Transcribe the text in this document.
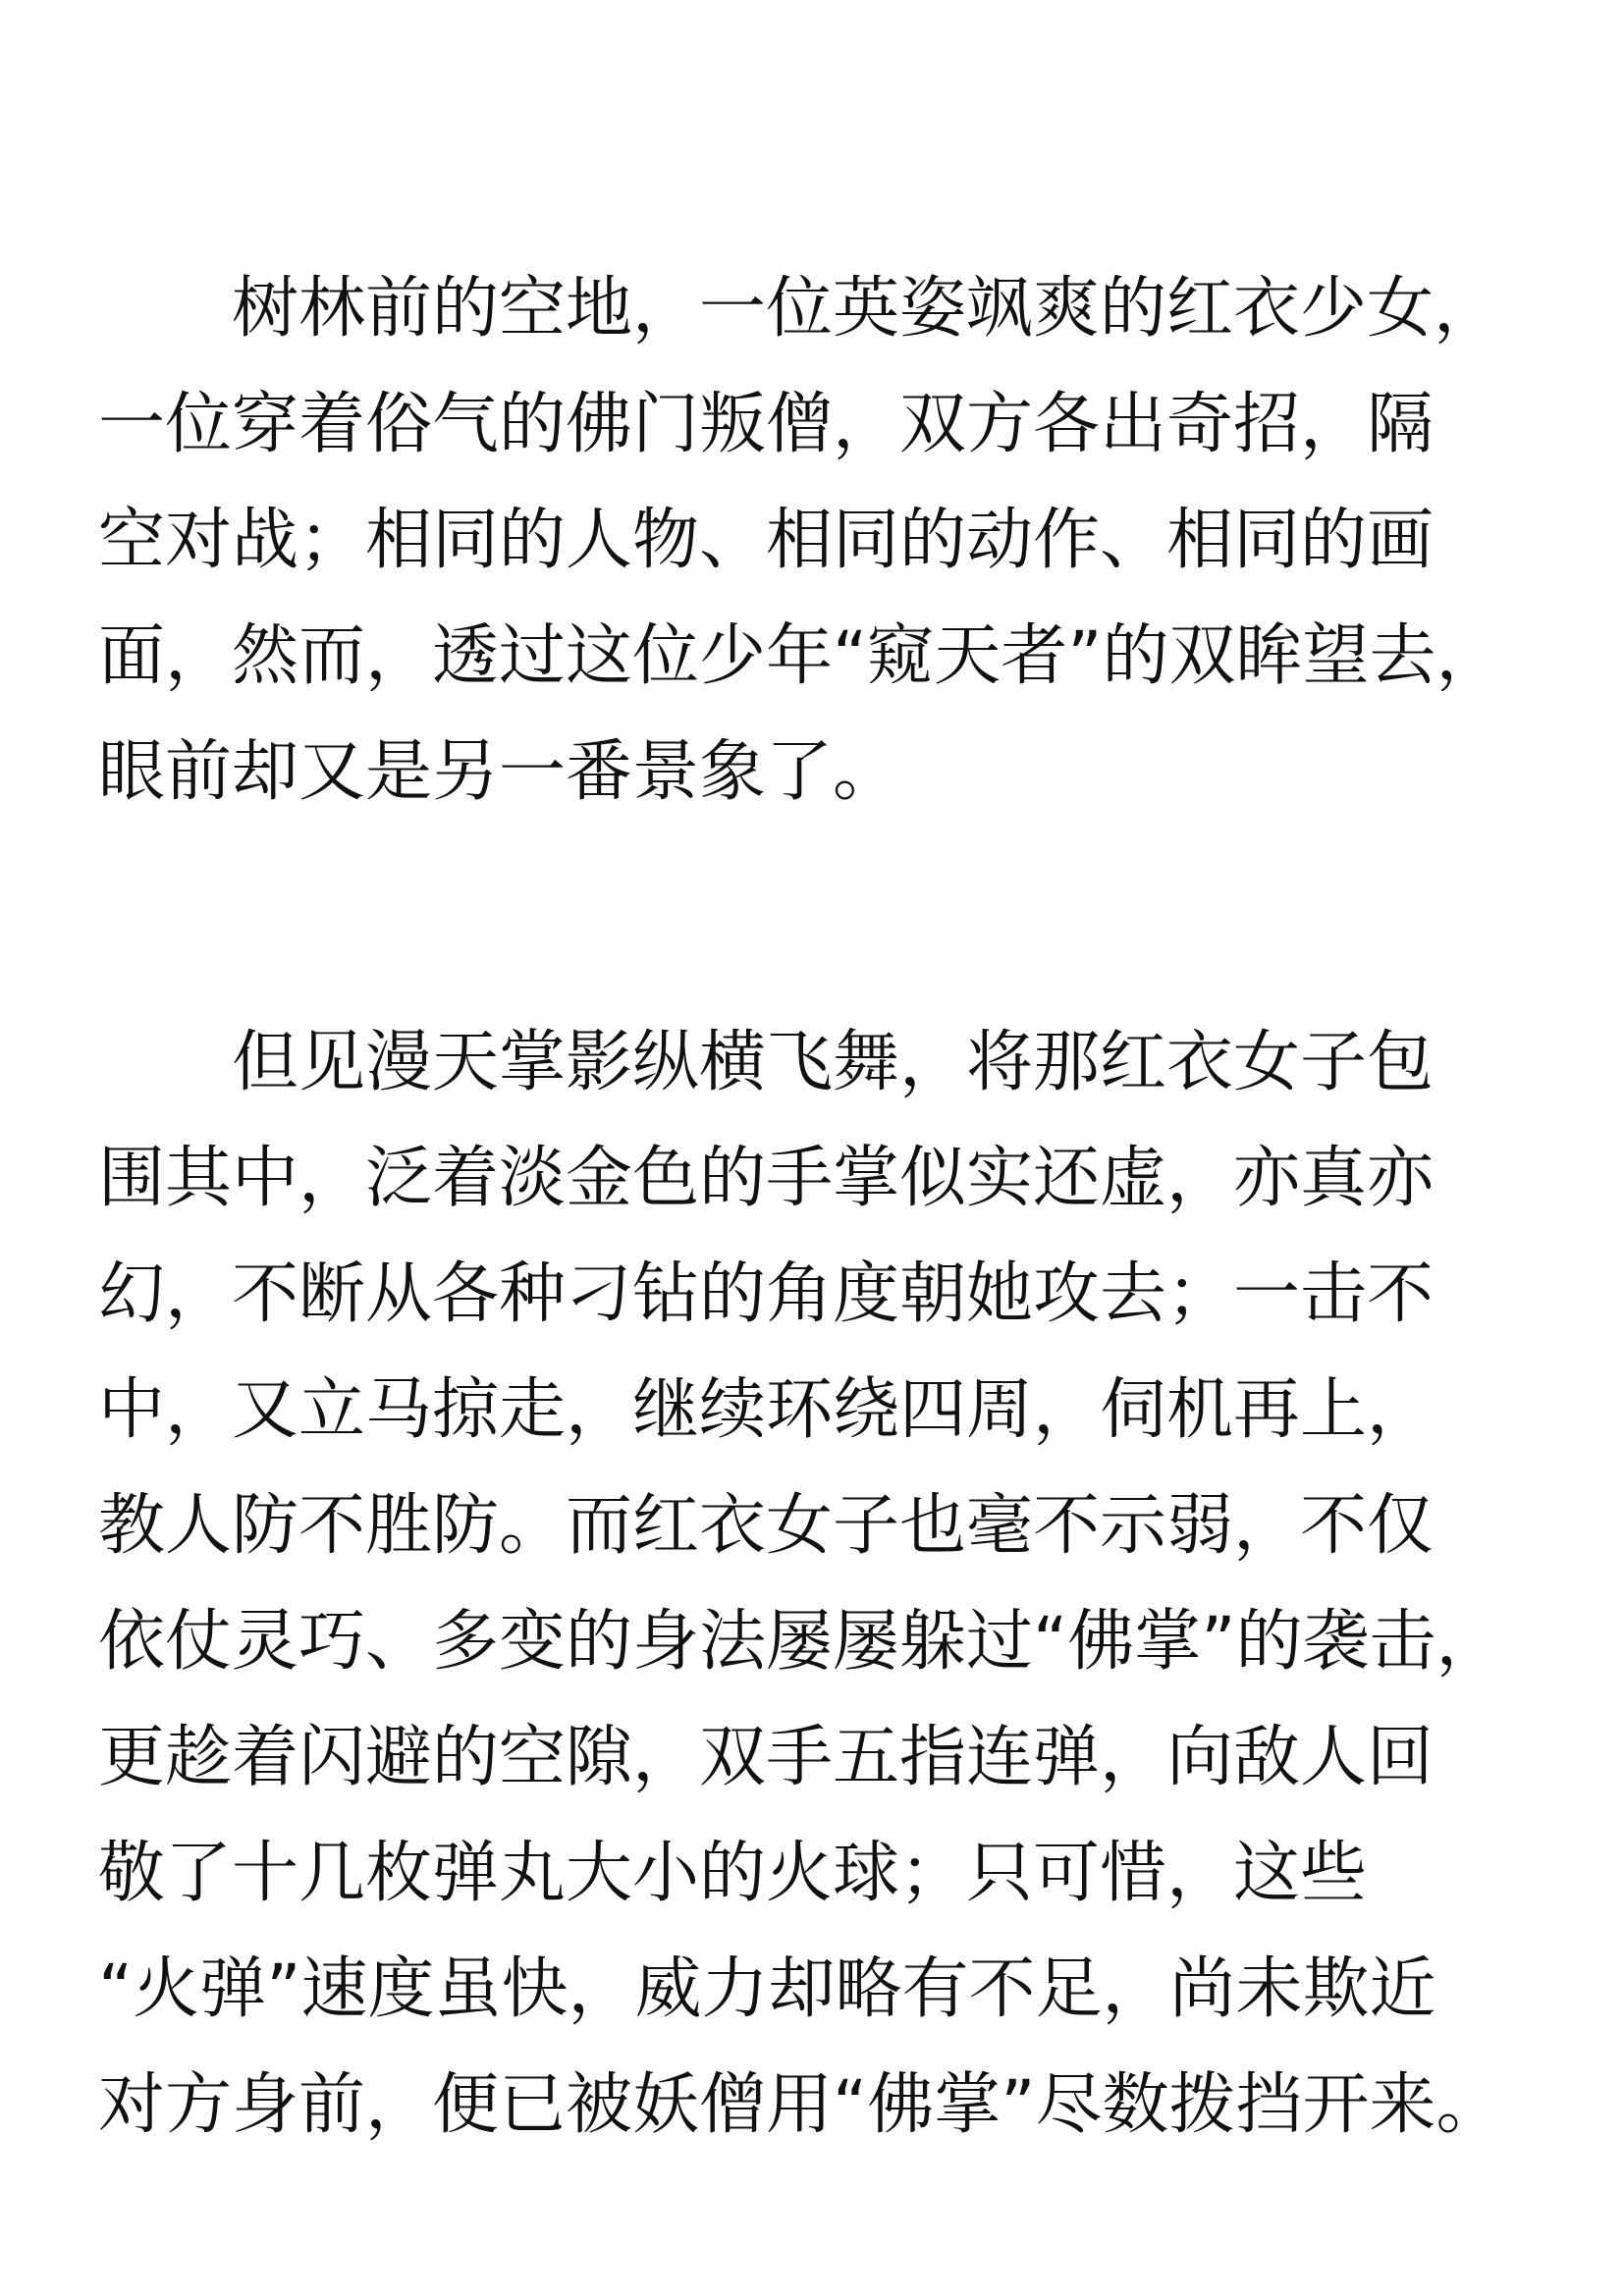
　　树林前的空地，一位英姿飒爽的红衣少女，
一位穿着俗气的佛门叛僧，双方各出奇招，隔
空对战；相同的人物、相同的动作、相同的画
面，然而，透过这位少年“窥天者”的双眸望去，
眼前却又是另一番景象了。
　　但见漫天掌影纵横飞舞，将那红衣女子包
围其中，泛着淡金色的手掌似实还虚，亦真亦
幻，不断从各种刁钻的角度朝她攻去；一击不
中，又立马掠走，继续环绕四周，伺机再上，
教人防不胜防。而红衣女子也毫不示弱，不仅
依仗灵巧、多变的身法屡屡躲过“佛掌”的袭击，
更趁着闪避的空隙，双手五指连弹，向敌人回
敬了十几枚弹丸大小的火球；只可惜，这些
“火弹”速度虽快，威力却略有不足，尚未欺近
对方身前，便已被妖僧用“佛掌”尽数拨挡开来。
